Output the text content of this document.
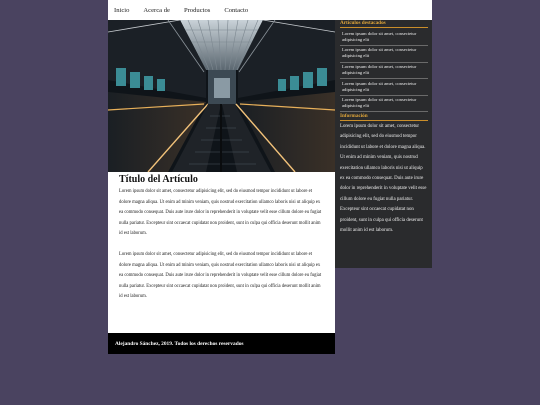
Inicio Acerca de Productos Contacto
Título del Artículo

Lorem ipsum dolor sit amet, consectetur adipisicing elit, sed do eiusmod tempor incididunt ut labore et dolore magna aliqua. Ut enim ad minim veniam, quis nostrud exercitation ullamco laboris nisi ut aliquip ex ea commodo consequat. Duis aute irure dolor in reprehenderit in voluptate velit esse cillum dolore eu fugiat nulla pariatur. Excepteur sint occaecat cupidatat non proident, sunt in culpa qui officia deserunt mollit anim id est laborum.

Lorem ipsum dolor sit amet, consectetur adipisicing elit, sed do eiusmod tempor incididunt ut labore et dolore magna aliqua. Ut enim ad minim veniam, quis nostrud exercitation ullamco laboris nisi ut aliquip ex ea commodo consequat. Duis aute irure dolor in reprehenderit in voluptate velit esse cillum dolore eu fugiat nulla pariatur. Excepteur sint occaecat cupidatat non proident, sunt in culpa qui officia deserunt mollit anim id est laborum.

Artículos destacados
Lorem ipsum dolor sit amet, consectetur adipisicing elit
Lorem ipsum dolor sit amet, consectetur adipisicing elit
Lorem ipsum dolor sit amet, consectetur adipisicing elit
Lorem ipsum dolor sit amet, consectetur adipisicing elit
Lorem ipsum dolor sit amet, consectetur adipisicing elit
Información

Lorem ipsum dolor sit amet, consectetur adipisicing elit, sed do eiusmod tempor incididunt ut labore et dolore magna aliqua. Ut enim ad minim veniam, quis nostrud exercitation ullamco laboris nisi ut aliquip ex ea commodo consequat. Duis aute irure dolor in reprehenderit in voluptate velit esse cillum dolore eu fugiat nulla pariatur. Excepteur sint occaecat cupidatat non proident, sunt in culpa qui officia deserunt mollit anim id est laborum.

Alejandro Sánchez, 2019. Todos los derechos reservados
